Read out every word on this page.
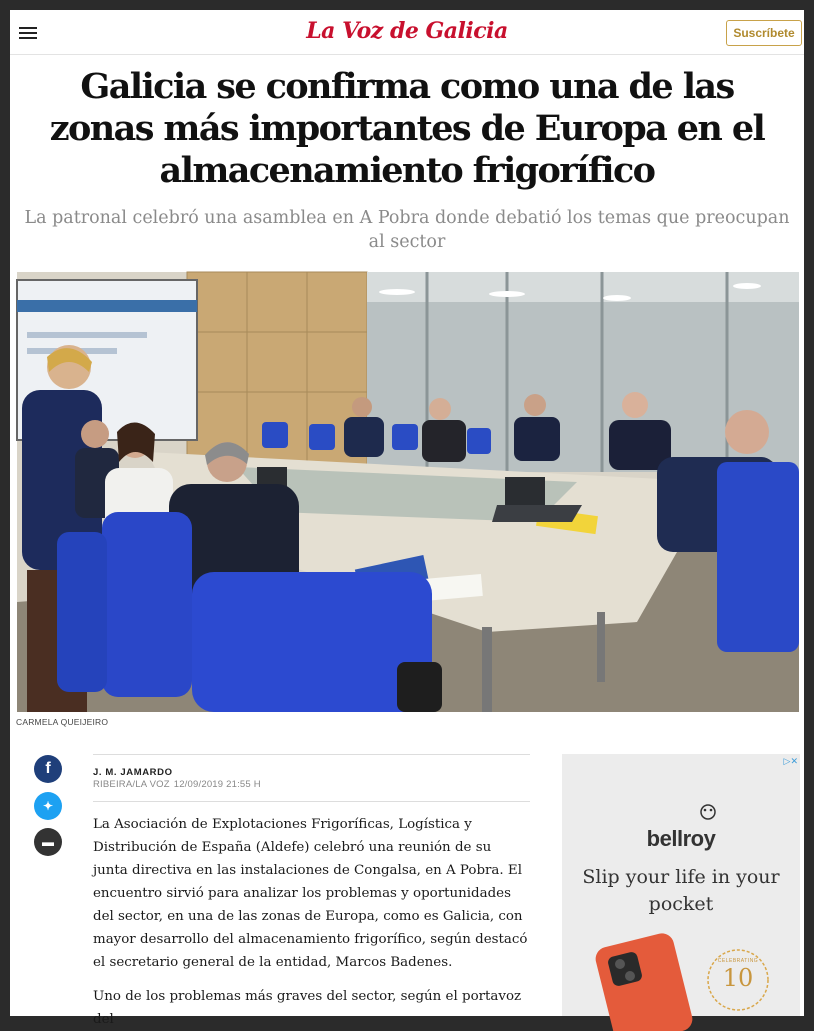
La Voz de Galicia	Suscríbete
Galicia se confirma como una de las zonas más importantes de Europa en el almacenamiento frigorífico

La patronal celebró una asamblea en A Pobra donde debatió los temas que preocupan al sector

CARMELA QUEIJEIRO
f
✦
▬
J. M. JAMARDO
RIBEIRA/LA VOZ 12/09/2019 21:55 H

La Asociación de Explotaciones Frigoríficas, Logística y Distribución de España (Aldefe) celebró una reunión de su junta directiva en las instalaciones de Congalsa, en A Pobra. El encuentro sirvió para analizar los problemas y oportunidades del sector, en una de las zonas de Europa, como es Galicia, con mayor desarrollo del almacenamiento frigorífico, según destacó el secretario general de la entidad, Marcos Badenes.

Uno de los problemas más graves del sector, según el portavoz del

▷✕
bellroy
Slip your life in your pocket
CELEBRATING
10
